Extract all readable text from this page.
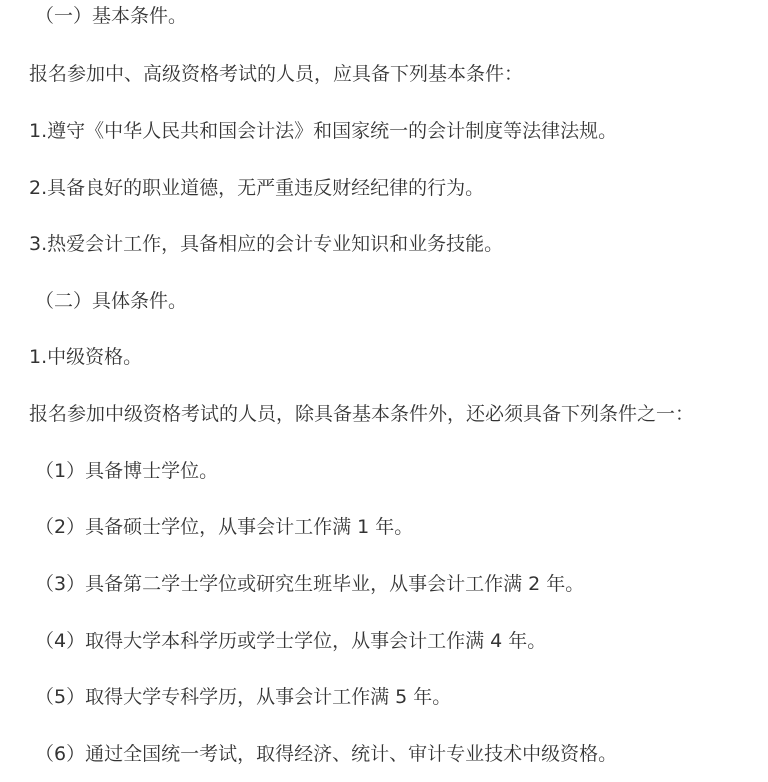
（一）基本条件。
报名参加中、高级资格考试的人员，应具备下列基本条件：
1.遵守《中华人民共和国会计法》和国家统一的会计制度等法律法规。
2.具备良好的职业道德，无严重违反财经纪律的行为。
3.热爱会计工作，具备相应的会计专业知识和业务技能。
（二）具体条件。
1.中级资格。
报名参加中级资格考试的人员，除具备基本条件外，还必须具备下列条件之一：
（1）具备博士学位。
（2）具备硕士学位，从事会计工作满 1 年。
（3）具备第二学士学位或研究生班毕业，从事会计工作满 2 年。
（4）取得大学本科学历或学士学位，从事会计工作满 4 年。
（5）取得大学专科学历，从事会计工作满 5 年。
（6）通过全国统一考试，取得经济、统计、审计专业技术中级资格。
